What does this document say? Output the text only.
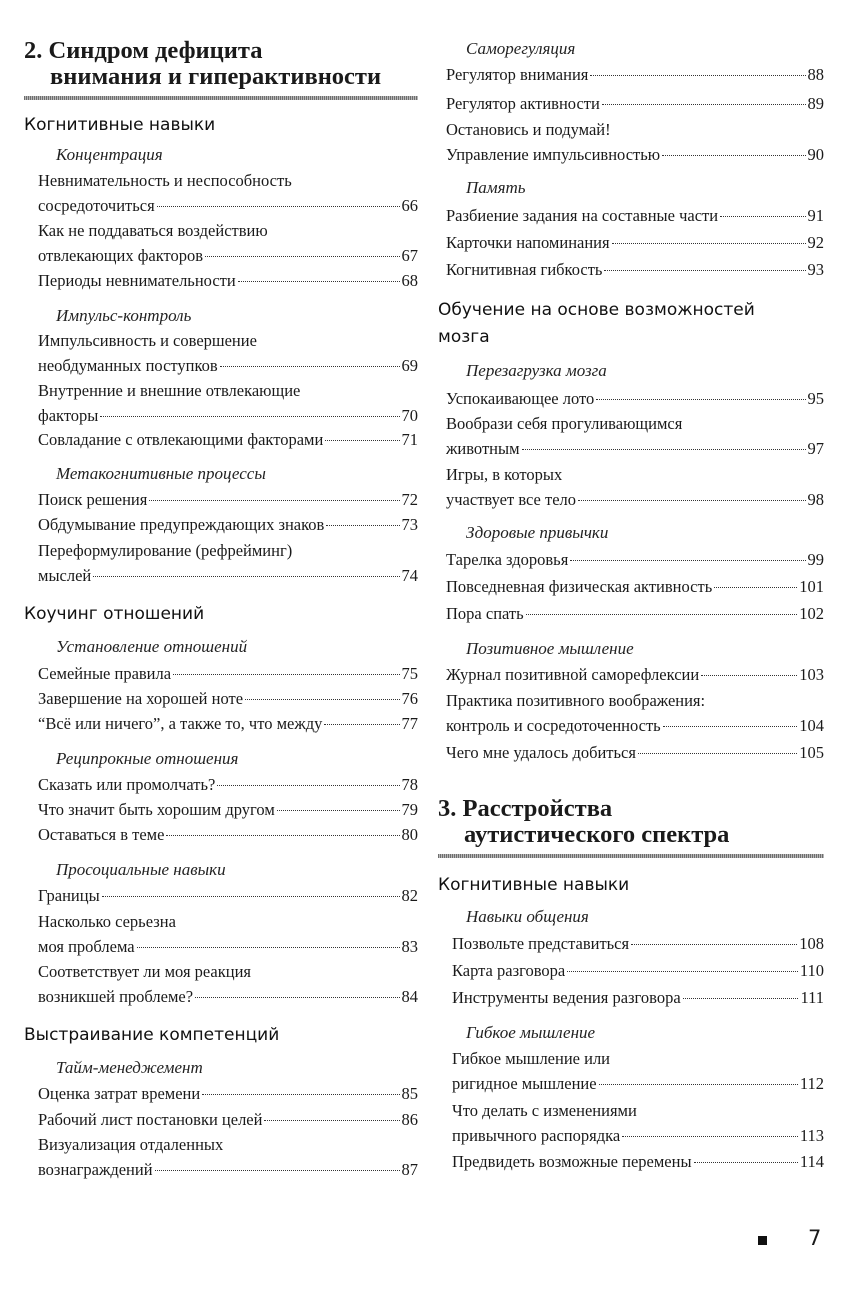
2. Синдром дефицита
внимания и гиперактивности
Когнитивные навыки
Концентрация
Невнимательность и неспособность
сосредоточиться	66
Как не поддаваться воздействию
отвлекающих факторов	67
Периоды невнимательности	68
Импульс-контроль
Импульсивность и совершение
необдуманных поступков	69
Внутренние и внешние отвлекающие
факторы	70
Совладание с отвлекающими факторами	71
Метакогнитивные процессы
Поиск решения	72
Обдумывание предупреждающих знаков	73
Переформулирование (рефрейминг)
мыслей	74
Коучинг отношений
Установление отношений
Семейные правила	75
Завершение на хорошей ноте	76
“Всё или ничего”, а также то, что между	77
Реципрокные отношения
Сказать или промолчать?	78
Что значит быть хорошим другом	79
Оставаться в теме	80
Просоциальные навыки
Границы	82
Насколько серьезна
моя проблема	83
Соответствует ли моя реакция
возникшей проблеме?	84
Выстраивание компетенций
Тайм-менеджемент
Оценка затрат времени	85
Рабочий лист постановки целей	86
Визуализация отдаленных
вознаграждений	87
Саморегуляция
Регулятор внимания	88
Регулятор активности	89
Остановись и подумай!
Управление импульсивностью	90
Память
Разбиение задания на составные части	91
Карточки напоминания	92
Когнитивная гибкость	93
Обучение на основе возможностей
мозга
Перезагрузка мозга
Успокаивающее лото	95
Вообрази себя прогуливающимся
животным	97
Игры, в которых
участвует все тело	98
Здоровые привычки
Тарелка здоровья	99
Повседневная физическая активность	101
Пора спать	102
Позитивное мышление
Журнал позитивной саморефлексии	103
Практика позитивного воображения:
контроль и сосредоточенность	104
Чего мне удалось добиться	105
3. Расстройства
аутистического спектра
Когнитивные навыки
Навыки общения
Позвольте представиться	108
Карта разговора	110
Инструменты ведения разговора	111
Гибкое мышление
Гибкое мышление или
ригидное мышление	112
Что делать с изменениями
привычного распорядка	113
Предвидеть возможные перемены	114
7
